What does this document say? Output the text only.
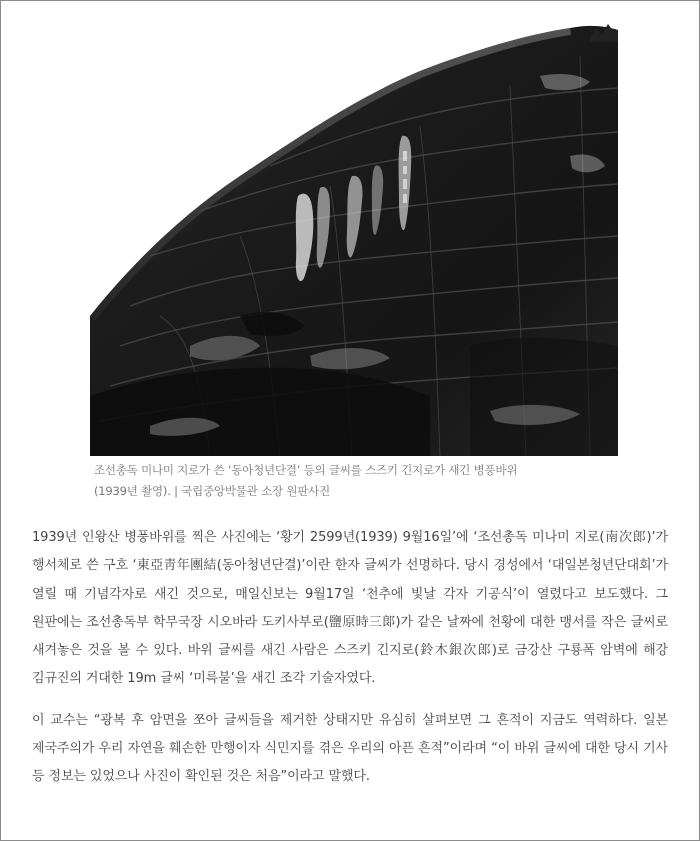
조선총독 미나미 지로가 쓴 ‘동아청년단결’ 등의 글씨를 스즈키 긴지로가 새긴 병풍바위
(1939년 촬영). | 국립중앙박물관 소장 원판사진

1939년 인왕산 병풍바위를 찍은 사진에는 ‘황기 2599년(1939) 9월16일’에 ‘조선총독 미나미 지로(南次郎)’가 행서체로 쓴 구호 ‘東亞靑年團結(동아청년단결)’이란 한자 글씨가 선명하다. 당시 경성에서 ‘대일본청년단대회’가 열릴 때 기념각자로 새긴 것으로, 매일신보는 9월17일 ‘천추에 빛날 각자 기공식’이 열렸다고 보도했다. 그 원판에는 조선총독부 학무국장 시오바라 도키사부로(鹽原時三郞)가 같은 날짜에 천황에 대한 맹서를 작은 글씨로 새겨놓은 것을 볼 수 있다. 바위 글씨를 새긴 사람은 스즈키 긴지로(鈴木銀次郎)로 금강산 구룡폭 암벽에 해강 김규진의 거대한 19m 글씨 ‘미륵불’을 새긴 조각 기술자였다.

이 교수는 “광복 후 암면을 쪼아 글씨들을 제거한 상태지만 유심히 살펴보면 그 흔적이 지금도 역력하다. 일본 제국주의가 우리 자연을 훼손한 만행이자 식민지를 겪은 우리의 아픈 흔적”이라며 “이 바위 글씨에 대한 당시 기사 등 정보는 있었으나 사진이 확인된 것은 처음”이라고 말했다.
